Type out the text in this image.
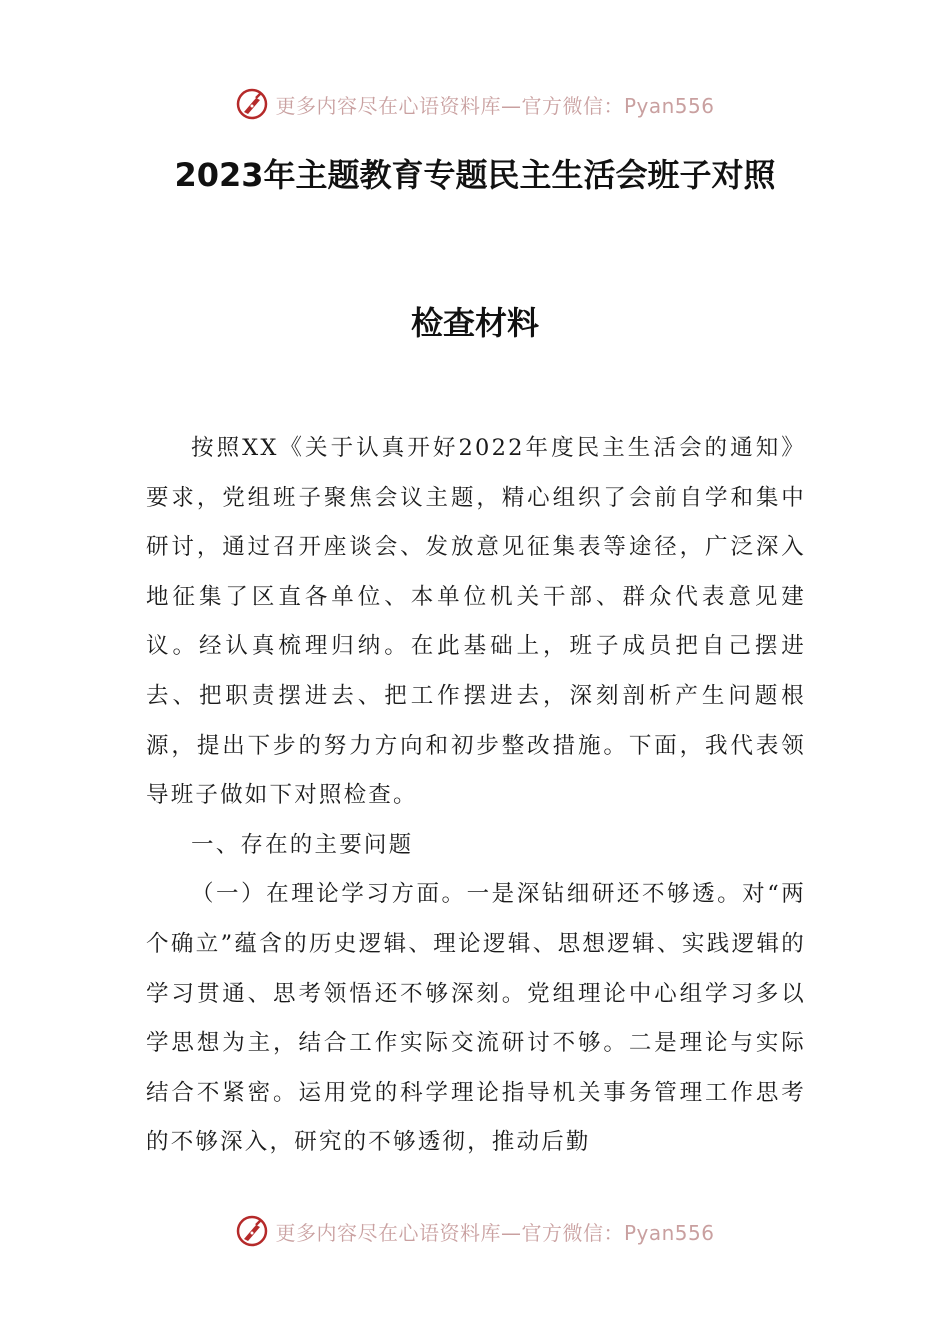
更多内容尽在心语资料库—官方微信：Pyan556
2023年主题教育专题民主生活会班子对照
检查材料

按照XX《关于认真开好2022年度民主生活会的通知》要求，党组班子聚焦会议主题，精心组织了会前自学和集中研讨，通过召开座谈会、发放意见征集表等途径，广泛深入地征集了区直各单位、本单位机关干部、群众代表意见建议。经认真梳理归纳。在此基础上，班子成员把自己摆进去、把职责摆进去、把工作摆进去，深刻剖析产生问题根源，提出下步的努力方向和初步整改措施。下面，我代表领导班子做如下对照检查。

一、存在的主要问题

（一）在理论学习方面。一是深钻细研还不够透。对“两个确立”蕴含的历史逻辑、理论逻辑、思想逻辑、实践逻辑的学习贯通、思考领悟还不够深刻。党组理论中心组学习多以学思想为主，结合工作实际交流研讨不够。二是理论与实际结合不紧密。运用党的科学理论指导机关事务管理工作思考的不够深入，研究的不够透彻，推动后勤

更多内容尽在心语资料库—官方微信：Pyan556
